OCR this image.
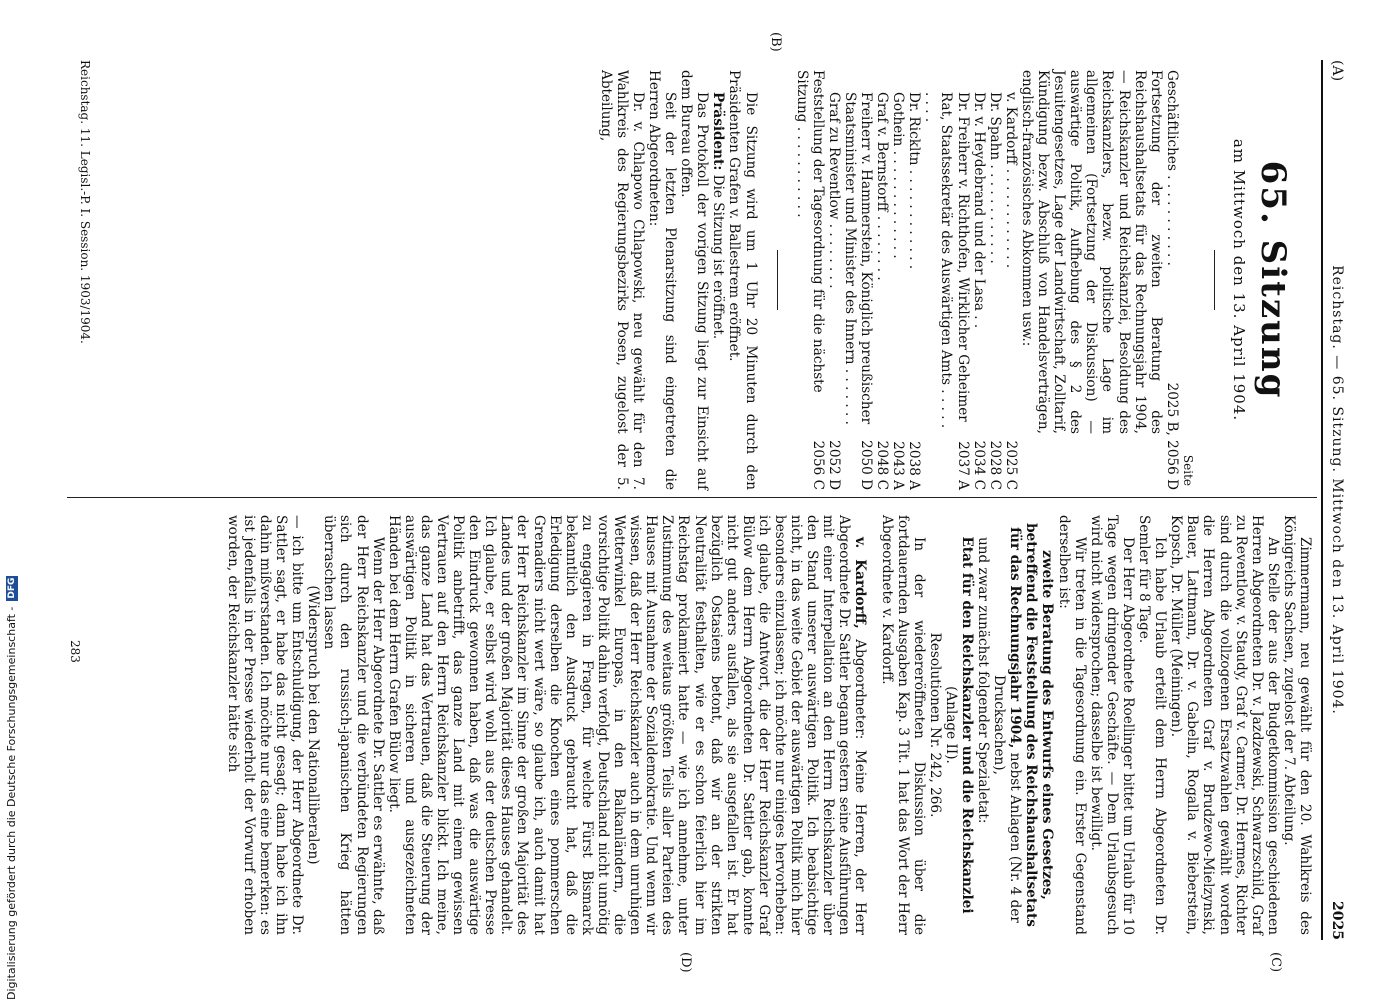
(A)
Reichstag. — 65. Sitzung. Mittwoch den 13. April 1904.
2025
65. Sitzung
am Mittwoch den 13. April 1904.
Seite
Geschäftliches . . . . . . . . . . .
2025 B, 2056 D

Fortsetzung der zweiten Beratung des Reichshaushaltsetats für das Rechnungsjahr 1904, — Reichskanzler und Reichskanzlei, Besoldung des Reichskanzlers, bezw. politische Lage im allgemeinen (Fortsetzung der Diskussion) — auswärtige Politik, Aufhebung des § 2 des Jesuitengesetzes, Lage der Landwirtschaft, Zolltarif, Kündigung bezw. Abschluß von Handelsverträgen, englisch-französisches Abkommen usw.:

v. Kardorff . . . . . . . . . . . .
2025 C
Dr. Spahn . . . . . . . . . . . .
2028 C
Dr. v. Heydebrand und der Lasa . .
2034 C
Dr. Freiherr v. Richthofen, Wirklicher Geheimer Rat, Staatssekretär des Auswärtigen Amts . . . . . . . . .
2037 A
Dr. Rickltn . . . . . . . . . . . .
2038 A
Gothein . . . . . . . . . . . . .
2043 A
Graf v. Bernstorff . . . . . . . .
2048 C
Freiherr v. Hammerstein, Königlich preußischer Staatsminister und Minister des Innern . . . . . . .
2050 D
Graf zu Reventlow . . . . . . . .
2052 D
Feststellung der Tagesordnung für die nächste Sitzung . . . . . . . . . . .
2056 C

Die Sitzung wird um 1 Uhr 20 Minuten durch den Präsidenten Grafen v. Ballestrem eröffnet.

Präsident: Die Sitzung ist eröffnet.

Das Protokoll der vorigen Sitzung liegt zur Einsicht auf dem Bureau offen.

Seit der letzten Plenarsitzung sind eingetreten die Herren Abgeordneten:

Dr. v. Chlapowo Chlapowski, neu gewählt für den 7. Wahlkreis des Regierungsbezirks Posen, zugelost der 5. Abteilung,

(B)

Zimmermann, neu gewählt für den 20. Wahlkreis des Königreichs Sachsen, zugelost der 7. Abteilung.

An Stelle der aus der Budgetkommission geschiedenen Herren Abgeordneten Dr. v. Jazdzewski, Schwarzschild, Graf zu Reventlow, v. Staudy, Graf v. Carmer, Dr. Hermes, Richter sind durch die vollzogenen Ersatzwahlen gewählt worden die Herren Abgeordneten Graf v. Brudzewo-Mielzynski, Bauer, Lattmann, Dr. v. Gabelin, Rogalla v. Bieberstein, Kopsch, Dr. Müller (Meiningen).

Ich habe Urlaub erteilt dem Herrn Abgeordneten Dr. Semler für 8 Tage.

Der Herr Abgeordnete Roellinger bittet um Urlaub für 10 Tage wegen dringender Geschäfte. — Dem Urlaubsgesuch wird nicht widersprochen; dasselbe ist bewilligt.

Wir treten in die Tagesordnung ein. Erster Gegenstand derselben ist:

zweite Beratung des Entwurfs eines Gesetzes, betreffend die Feststellung des Reichshaushaltsetats für das Rechnungsjahr 1904, nebst Anlagen (Nr. 4 der Drucksachen),

und zwar zunächst folgender Spezialetat:

Etat für den Reichskanzler und die Reichskanzlei (Anlage II).

Resolutionen Nr. 242, 266.

In der wiedereröffneten Diskussion über die fortdauernden Ausgaben Kap. 3 Tit. 1 hat das Wort der Herr Abgeordnete v. Kardorff.

v. Kardorff, Abgeordneter: Meine Herren, der Herr Abgeordnete Dr. Sattler begann gestern seine Ausführungen mit einer Interpellation an den Herrn Reichskanzler über den Stand unserer auswärtigen Politik. Ich beabsichtige nicht, in das weite Gebiet der auswärtigen Politik mich hier besonders einzulassen; ich möchte nur einiges hervorheben: ich glaube, die Antwort, die der Herr Reichskanzler Graf Bülow dem Herrn Abgeordneten Dr. Sattler gab, konnte nicht gut anders ausfallen, als sie ausgefallen ist. Er hat bezüglich Ostasiens betont, daß wir an der strikten Neutralität festhalten, wie er es schon feierlich hier im Reichstag proklamiert hatte — wie ich annehme, unter Zustimmung des weitaus größten Teils aller Parteien des Hauses mit Ausnahme der Sozialdemokratie. Und wenn wir wissen, daß der Herr Reichskanzler auch in dem unruhigen Wetterwinkel Europas, in den Balkanländern, die vorsichtige Politik dahin verfolgt, Deutschland nicht unnötig zu engagieren in Fragen, für welche Fürst Bismarck bekanntlich den Ausdruck gebraucht hat, daß die Erledigung derselben die Knochen eines pommerschen Grenadiers nicht wert wäre, so glaube ich, auch damit hat der Herr Reichskanzler im Sinne der großen Majorität des Landes und der großen Majorität dieses Hauses gehandelt. Ich glaube, er selbst wird wohl aus der deutschen Presse den Eindruck gewonnen haben, daß was die auswärtige Politik anbetrifft, das ganze Land mit einem gewissen Vertrauen auf den Herrn Reichskanzler blickt. Ich meine, das ganze Land hat das Vertrauen, daß die Steuerung der auswärtigen Politik in sicheren und ausgezeichneten Händen bei dem Herrn Grafen Bülow liegt.

Wenn der Herr Abgeordnete Dr. Sattler es erwähnte, daß der Herr Reichskanzler und die verbündeten Regierungen sich durch den russisch-japanischen Krieg hätten überraschen lassen

(Widerspruch bei den Nationalliberalen)

— ich bitte um Entschuldigung, der Herr Abgeordnete Dr. Sattler sagt, er habe das nicht gesagt; dann habe ich ihn dahin mißverstanden. Ich möchte nur das eine bemerken: es ist jedenfalls in der Presse wiederholt der Vorwurf erhoben worden, der Reichskanzler hätte sich

(C)
(D)
Reichstag. 11. Legisl.-P. I. Session. 1903/1904.
283
Digitalisierung gefördert durch die Deutsche Forschungsgemeinschaft -
DFG
